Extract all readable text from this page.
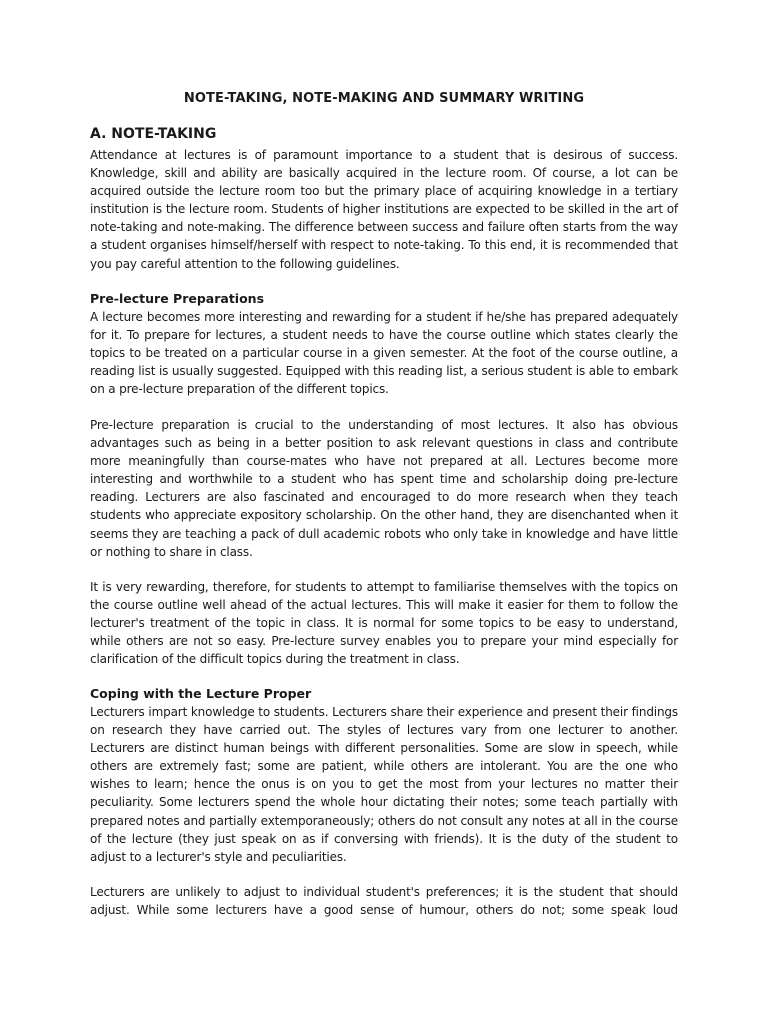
NOTE-TAKING, NOTE-MAKING AND SUMMARY WRITING
A. NOTE-TAKING

Attendance at lectures is of paramount importance to a student that is desirous of success. Knowledge, skill and ability are basically acquired in the lecture room. Of course, a lot can be acquired outside the lecture room too but the primary place of acquiring knowledge in a tertiary institution is the lecture room. Students of higher institutions are expected to be skilled in the art of note-taking and note-making. The difference between success and failure often starts from the way a student organises himself/herself with respect to note-taking. To this end, it is recommended that you pay careful attention to the following guidelines.

Pre-lecture Preparations

A lecture becomes more interesting and rewarding for a student if he/she has prepared adequately for it. To prepare for lectures, a student needs to have the course outline which states clearly the topics to be treated on a particular course in a given semester. At the foot of the course outline, a reading list is usually suggested. Equipped with this reading list, a serious student is able to embark on a pre-lecture preparation of the different topics.

Pre-lecture preparation is crucial to the understanding of most lectures. It also has obvious advantages such as being in a better position to ask relevant questions in class and contribute more meaningfully than course-mates who have not prepared at all. Lectures become more interesting and worthwhile to a student who has spent time and scholarship doing pre-lecture reading. Lecturers are also fascinated and encouraged to do more research when they teach students who appreciate expository scholarship. On the other hand, they are disenchanted when it seems they are teaching a pack of dull academic robots who only take in knowledge and have little or nothing to share in class.

It is very rewarding, therefore, for students to attempt to familiarise themselves with the topics on the course outline well ahead of the actual lectures. This will make it easier for them to follow the lecturer's treatment of the topic in class. It is normal for some topics to be easy to understand, while others are not so easy. Pre-lecture survey enables you to prepare your mind especially for clarification of the difficult topics during the treatment in class.

Coping with the Lecture Proper

Lecturers impart knowledge to students. Lecturers share their experience and present their findings on research they have carried out. The styles of lectures vary from one lecturer to another. Lecturers are distinct human beings with different personalities. Some are slow in speech, while others are extremely fast; some are patient, while others are intolerant. You are the one who wishes to learn; hence the onus is on you to get the most from your lectures no matter their peculiarity. Some lecturers spend the whole hour dictating their notes; some teach partially with prepared notes and partially extemporaneously; others do not consult any notes at all in the course of the lecture (they just speak on as if conversing with friends). It is the duty of the student to adjust to a lecturer's style and peculiarities.

Lecturers are unlikely to adjust to individual student's preferences; it is the student that should adjust. While some lecturers have a good sense of humour, others do not; some speak loud
